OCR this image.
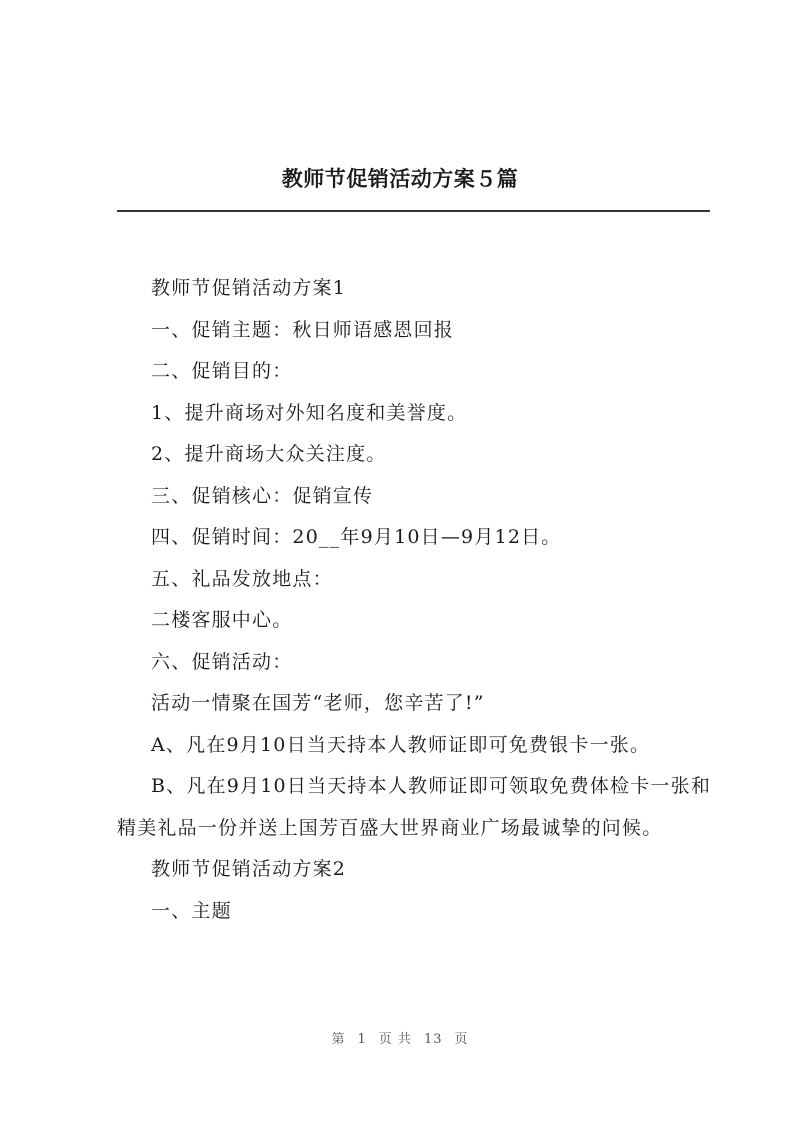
教师节促销活动方案５篇

教师节促销活动方案1

一、促销主题：秋日师语感恩回报

二、促销目的：

1、提升商场对外知名度和美誉度。

2、提升商场大众关注度。

三、促销核心：促销宣传

四、促销时间：20__年9月10日—9月12日。

五、礼品发放地点：

二楼客服中心。

六、促销活动：

活动一情聚在国芳“老师，您辛苦了!”

A、凡在9月10日当天持本人教师证即可免费银卡一张。

B、凡在9月10日当天持本人教师证即可领取免费体检卡一张和精美礼品一份并送上国芳百盛大世界商业广场最诚挚的问候。

教师节促销活动方案2

一、主题

第 1 页 共 13 页
